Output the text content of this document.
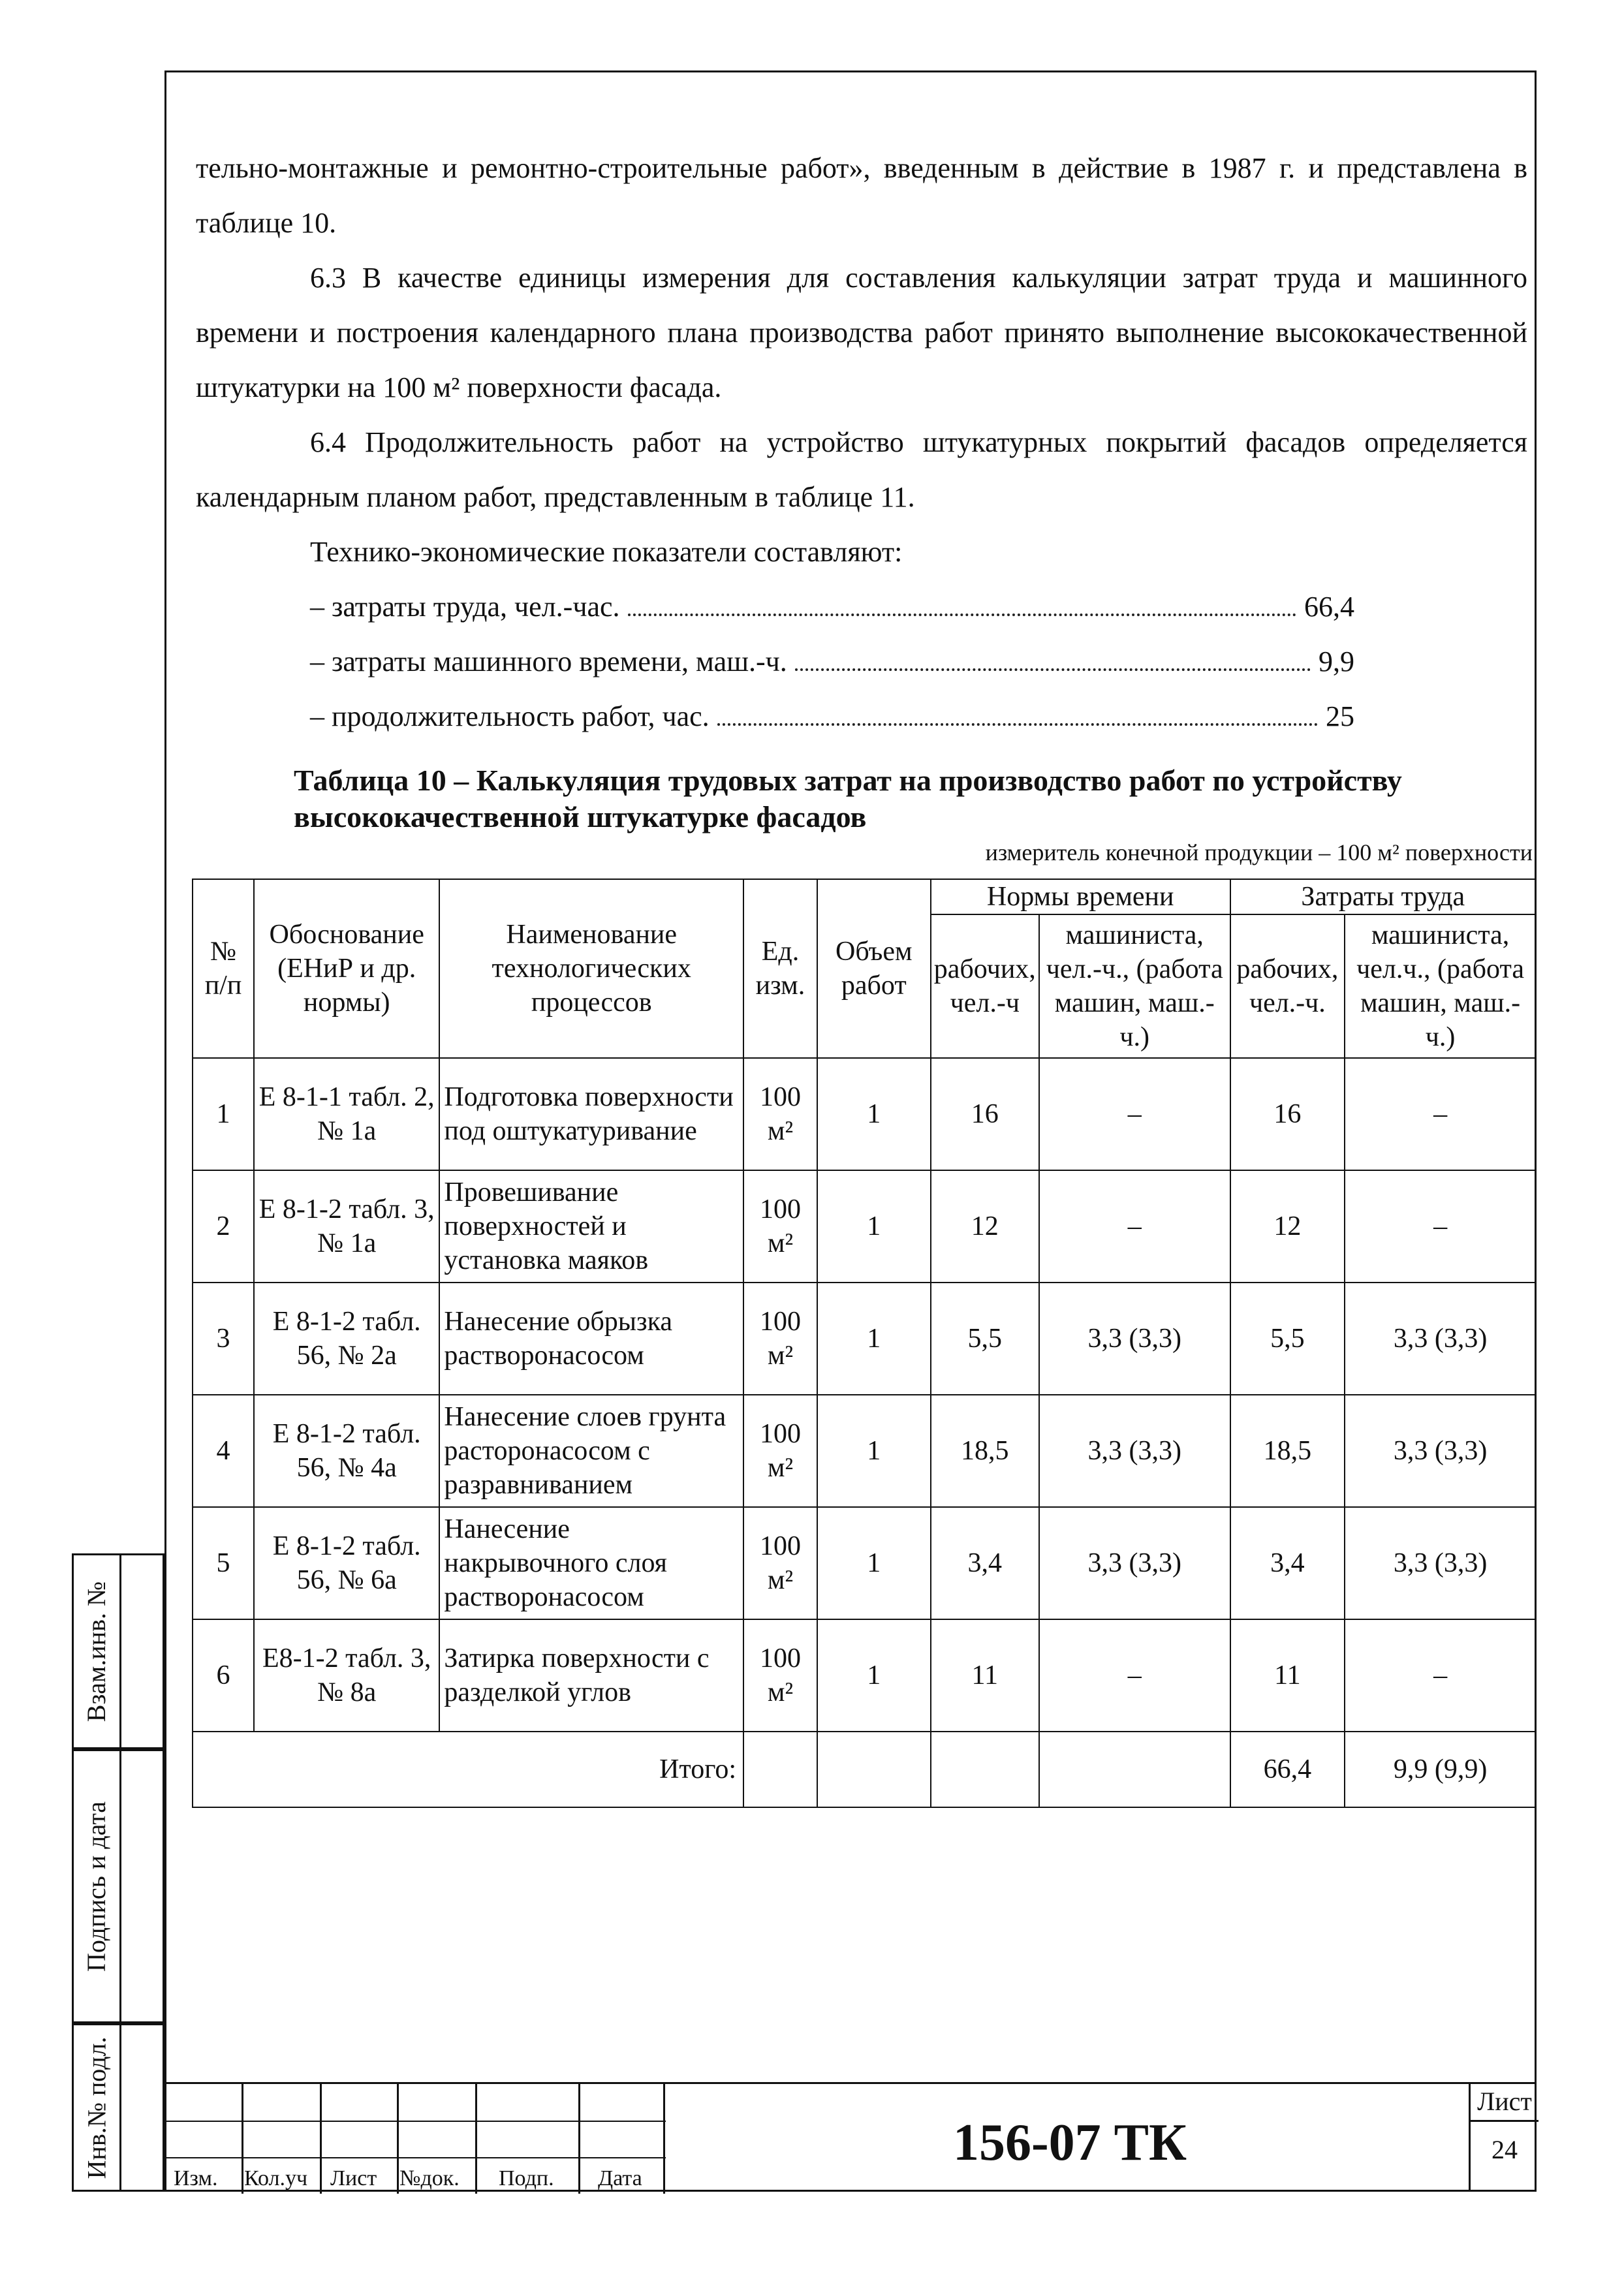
тельно-монтажные и ремонтно-строительные работ», введенным в действие в 1987 г. и представлена в таблице 10.

6.3 В качестве единицы измерения для составления калькуляции затрат труда и машинного времени и построения календарного плана производства работ принято выполнение высококачественной штукатурки на 100 м² поверхности фасада.

6.4 Продолжительность работ на устройство штукатурных покрытий фасадов определяется календарным планом работ, представленным в таблице 11.

Технико-экономические показатели составляют:

– затраты труда, чел.-час.	66,4
– затраты машинного времени, маш.-ч.	9,9
– продолжительность работ, час.	25
Таблица 10 – Калькуляция трудовых затрат на производство работ по устройству высококачественной штукатурке фасадов
измеритель конечной продукции – 100 м² поверхности
№ п/п	Обоснование (ЕНиР и др. нормы)	Наименование технологических процессов	Ед. изм.	Объем работ	Нормы времени		Затраты труда	
					рабочих, чел.-ч	машиниста, чел.-ч., (работа машин, маш.-ч.)	рабочих, чел.-ч.	машиниста, чел.ч., (работа машин, маш.-ч.)
1	Е 8-1-1 табл. 2, № 1а	Подготовка поверхности под оштукатуривание	100 м²	1	16	–	16	–
2	Е 8-1-2 табл. 3, № 1а	Провешивание поверхностей и установка маяков	100 м²	1	12	–	12	–
3	Е 8-1-2 табл. 56, № 2а	Нанесение обрызка растворонасосом	100 м²	1	5,5	3,3 (3,3)	5,5	3,3 (3,3)
4	Е 8-1-2 табл. 56, № 4а	Нанесение слоев грунта расторонасосом с разравниванием	100 м²	1	18,5	3,3 (3,3)	18,5	3,3 (3,3)
5	Е 8-1-2 табл. 56, № 6а	Нанесение накрывочного слоя растворонасосом	100 м²	1	3,4	3,3 (3,3)	3,4	3,3 (3,3)
6	Е8-1-2 табл. 3, № 8а	Затирка поверхности с разделкой углов	100 м²	1	11	–	11	–
Итого:							66,4	9,9 (9,9)
Взам.инв. №
Подпись и дата
Инв.№ подл.	Изм. Кол.уч Лист №док. Подп. Дата
156-07 ТК
Лист
24
